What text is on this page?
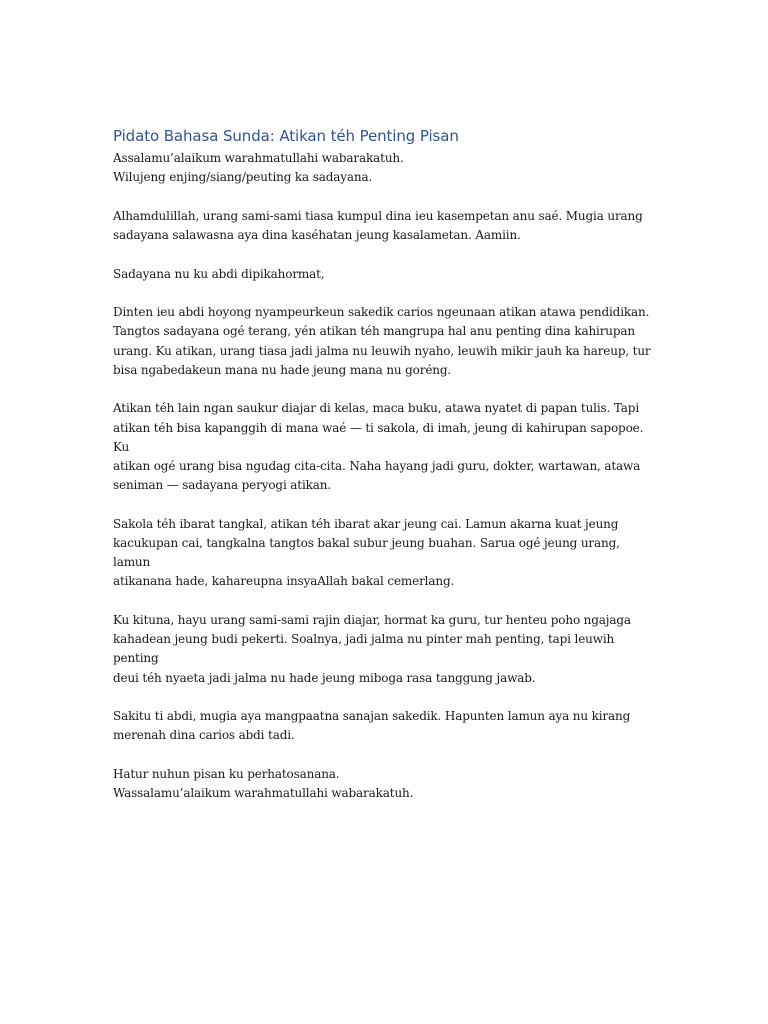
Pidato Bahasa Sunda: Atikan téh Penting Pisan

Assalamu’alaikum warahmatullahi wabarakatuh.
Wilujeng enjing/siang/peuting ka sadayana.

Alhamdulillah, urang sami-sami tiasa kumpul dina ieu kasempetan anu saé. Mugia urang
sadayana salawasna aya dina kaséhatan jeung kasalametan. Aamiin.

Sadayana nu ku abdi dipikahormat,

Dinten ieu abdi hoyong nyampeurkeun sakedik carios ngeunaan atikan atawa pendidikan.
Tangtos sadayana ogé terang, yén atikan téh mangrupa hal anu penting dina kahirupan
urang. Ku atikan, urang tiasa jadi jalma nu leuwih nyaho, leuwih mikir jauh ka hareup, tur
bisa ngabedakeun mana nu hade jeung mana nu goréng.

Atikan téh lain ngan saukur diajar di kelas, maca buku, atawa nyatet di papan tulis. Tapi
atikan téh bisa kapanggih di mana waé — ti sakola, di imah, jeung di kahirupan sapopoe. Ku
atikan ogé urang bisa ngudag cita-cita. Naha hayang jadi guru, dokter, wartawan, atawa
seniman — sadayana peryogi atikan.

Sakola téh ibarat tangkal, atikan téh ibarat akar jeung cai. Lamun akarna kuat jeung
kacukupan cai, tangkalna tangtos bakal subur jeung buahan. Sarua ogé jeung urang, lamun
atikanana hade, kahareupna insyaAllah bakal cemerlang.

Ku kituna, hayu urang sami-sami rajin diajar, hormat ka guru, tur henteu poho ngajaga
kahadean jeung budi pekerti. Soalnya, jadi jalma nu pinter mah penting, tapi leuwih penting
deui téh nyaeta jadi jalma nu hade jeung miboga rasa tanggung jawab.

Sakitu ti abdi, mugia aya mangpaatna sanajan sakedik. Hapunten lamun aya nu kirang
merenah dina carios abdi tadi.

Hatur nuhun pisan ku perhatosanana.
Wassalamu’alaikum warahmatullahi wabarakatuh.
